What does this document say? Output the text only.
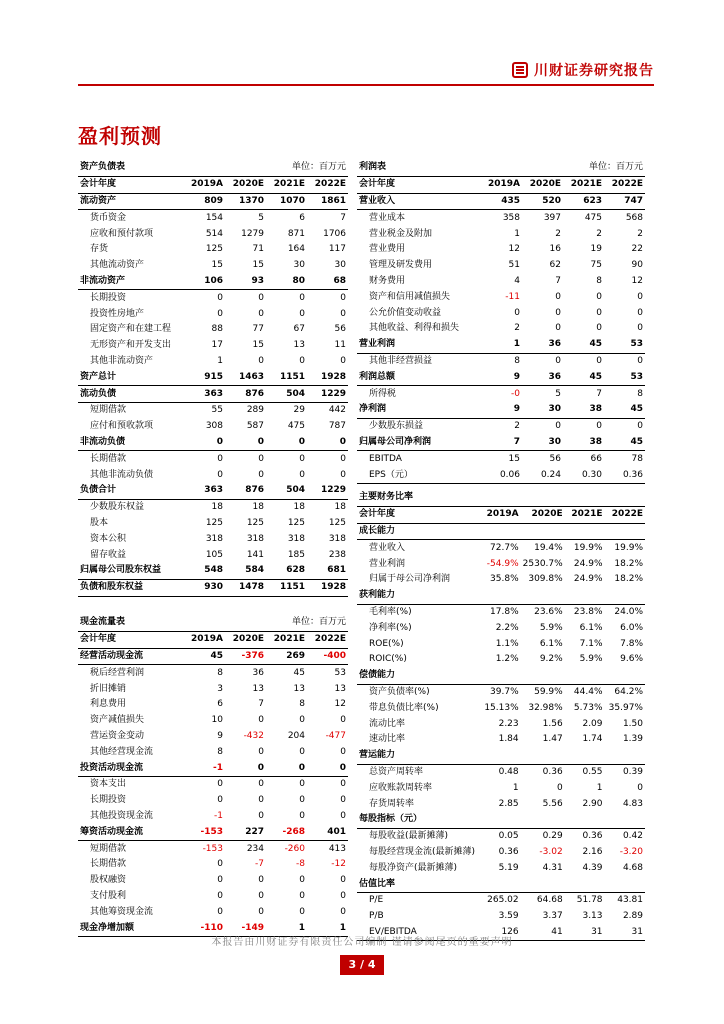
川财证券研究报告
盈利预测
资产负债表	单位：百万元			
会计年度	2019A	2020E	2021E	2022E
流动资产	809	1370	1070	1861
货币资金	154	5	6	7
应收和预付款项	514	1279	871	1706
存货	125	71	164	117
其他流动资产	15	15	30	30
非流动资产	106	93	80	68
长期投资	0	0	0	0
投资性房地产	0	0	0	0
固定资产和在建工程	88	77	67	56
无形资产和开发支出	17	15	13	11
其他非流动资产	1	0	0	0
资产总计	915	1463	1151	1928
流动负债	363	876	504	1229
短期借款	55	289	29	442
应付和预收款项	308	587	475	787
非流动负债	0	0	0	0
长期借款	0	0	0	0
其他非流动负债	0	0	0	0
负债合计	363	876	504	1229
少数股东权益	18	18	18	18
股本	125	125	125	125
资本公积	318	318	318	318
留存收益	105	141	185	238
归属母公司股东权益	548	584	628	681
负债和股东权益	930	1478	1151	1928
利润表	单位：百万元			
会计年度	2019A	2020E	2021E	2022E
营业收入	435	520	623	747
营业成本	358	397	475	568
营业税金及附加	1	2	2	2
营业费用	12	16	19	22
管理及研发费用	51	62	75	90
财务费用	4	7	8	12
资产和信用减值损失	-11	0	0	0
公允价值变动收益	0	0	0	0
其他收益、利得和损失	2	0	0	0
营业利润	1	36	45	53
其他非经营损益	8	0	0	0
利润总额	9	36	45	53
所得税	-0	5	7	8
净利润	9	30	38	45
少数股东损益	2	0	0	0
归属母公司净利润	7	30	38	45
EBITDA	15	56	66	78
EPS（元）	0.06	0.24	0.30	0.36
主要财务比率				
会计年度	2019A	2020E	2021E	2022E
成长能力				
营业收入	72.7%	19.4%	19.9%	19.9%
营业利润	-54.9%	2530.7%	24.9%	18.2%
归属于母公司净利润	35.8%	309.8%	24.9%	18.2%
获利能力				
毛利率(%)	17.8%	23.6%	23.8%	24.0%
净利率(%)	2.2%	5.9%	6.1%	6.0%
ROE(%)	1.1%	6.1%	7.1%	7.8%
ROIC(%)	1.2%	9.2%	5.9%	9.6%
偿债能力				
资产负债率(%)	39.7%	59.9%	44.4%	64.2%
带息负债比率(%)	15.13%	32.98%	5.73%	35.97%
流动比率	2.23	1.56	2.09	1.50
速动比率	1.84	1.47	1.74	1.39
营运能力				
总资产周转率	0.48	0.36	0.55	0.39
应收账款周转率	1	0	1	0
存货周转率	2.85	5.56	2.90	4.83
每股指标（元）				
每股收益(最新摊薄)	0.05	0.29	0.36	0.42
每股经营现金流(最新摊薄)	0.36	-3.02	2.16	-3.20
每股净资产(最新摊薄)	5.19	4.31	4.39	4.68
估值比率				
P/E	265.02	64.68	51.78	43.81
P/B	3.59	3.37	3.13	2.89
EV/EBITDA	126	41	31	31
现金流量表	单位：百万元			
会计年度	2019A	2020E	2021E	2022E
经营活动现金流	45	-376	269	-400
税后经营利润	8	36	45	53
折旧摊销	3	13	13	13
利息费用	6	7	8	12
资产减值损失	10	0	0	0
营运资金变动	9	-432	204	-477
其他经营现金流	8	0	0	0
投资活动现金流	-1	0	0	0
资本支出	0	0	0	0
长期投资	0	0	0	0
其他投资现金流	-1	0	0	0
筹资活动现金流	-153	227	-268	401
短期借款	-153	234	-260	413
长期借款	0	-7	-8	-12
股权融资	0	0	0	0
支付股利	0	0	0	0
其他筹资现金流	0	0	0	0
现金净增加额	-110	-149	1	1
本报告由川财证券有限责任公司编制 谨请参阅尾页的重要声明
3 / 4
